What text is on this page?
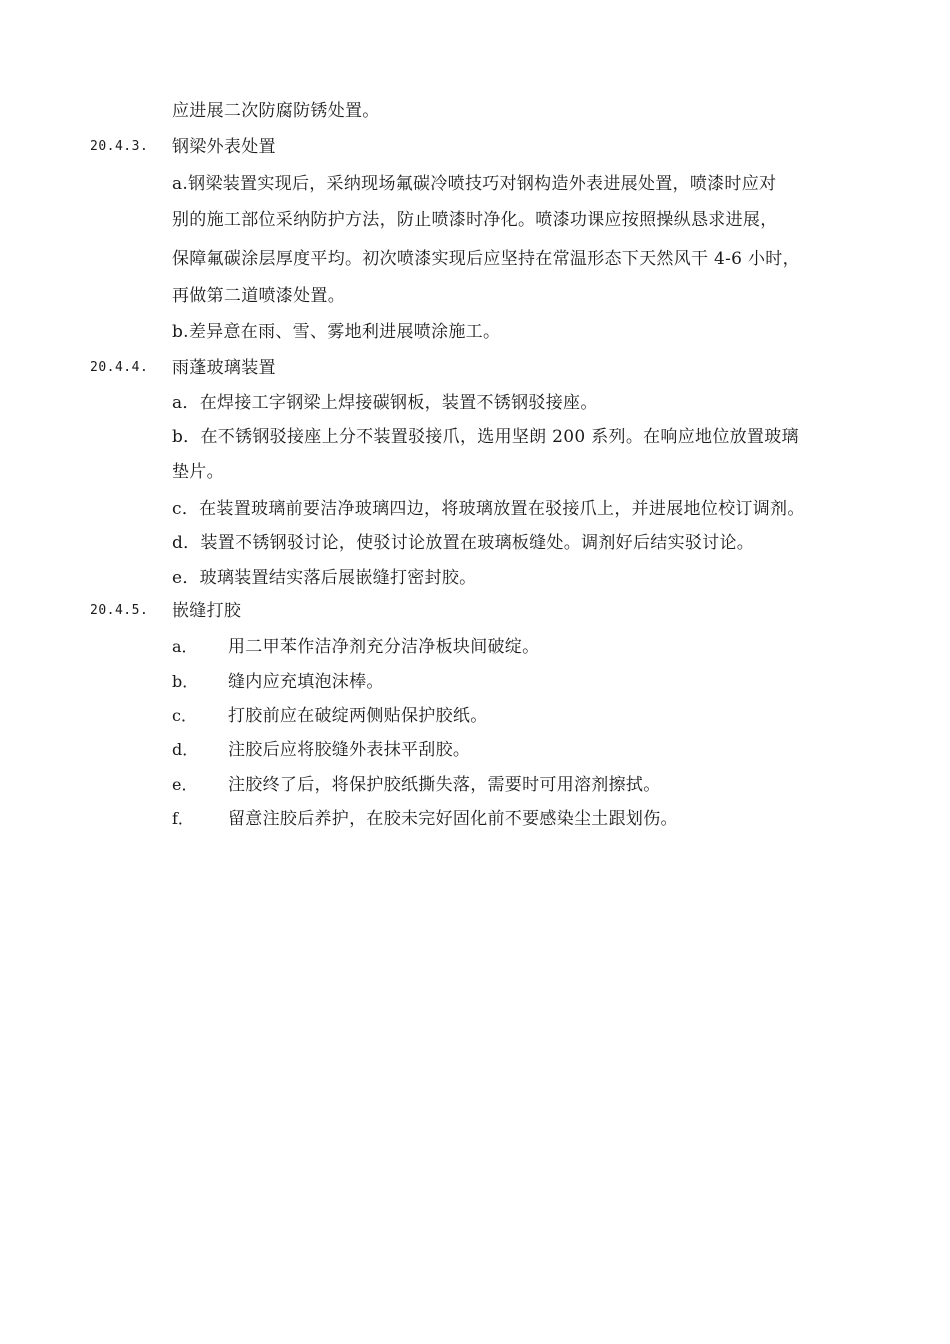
应进展二次防腐防锈处置。
20.4.3. 钢梁外表处置
a.钢梁装置实现后，采纳现场氟碳冷喷技巧对钢构造外表进展处置，喷漆时应对
别的施工部位采纳防护方法，防止喷漆时净化。喷漆功课应按照操纵恳求进展，
保障氟碳涂层厚度平均。初次喷漆实现后应坚持在常温形态下天然风干 4-6 小时，
再做第二道喷漆处置。
b.差异意在雨、雪、雾地利进展喷涂施工。
20.4.4. 雨蓬玻璃装置
a．在焊接工字钢梁上焊接碳钢板，装置不锈钢驳接座。
b．在不锈钢驳接座上分不装置驳接爪，选用坚朗 200 系列。在响应地位放置玻璃
垫片。
c．在装置玻璃前要洁净玻璃四边，将玻璃放置在驳接爪上，并进展地位校订调剂。
d．装置不锈钢驳讨论，使驳讨论放置在玻璃板缝处。调剂好后结实驳讨论。
e．玻璃装置结实落后展嵌缝打密封胶。
20.4.5. 嵌缝打胶
a． 用二甲苯作洁净剂充分洁净板块间破绽。
b． 缝内应充填泡沫棒。
c． 打胶前应在破绽两侧贴保护胶纸。
d． 注胶后应将胶缝外表抹平刮胶。
e． 注胶终了后，将保护胶纸撕失落，需要时可用溶剂擦拭。
f． 留意注胶后养护，在胶未完好固化前不要感染尘土跟划伤。
